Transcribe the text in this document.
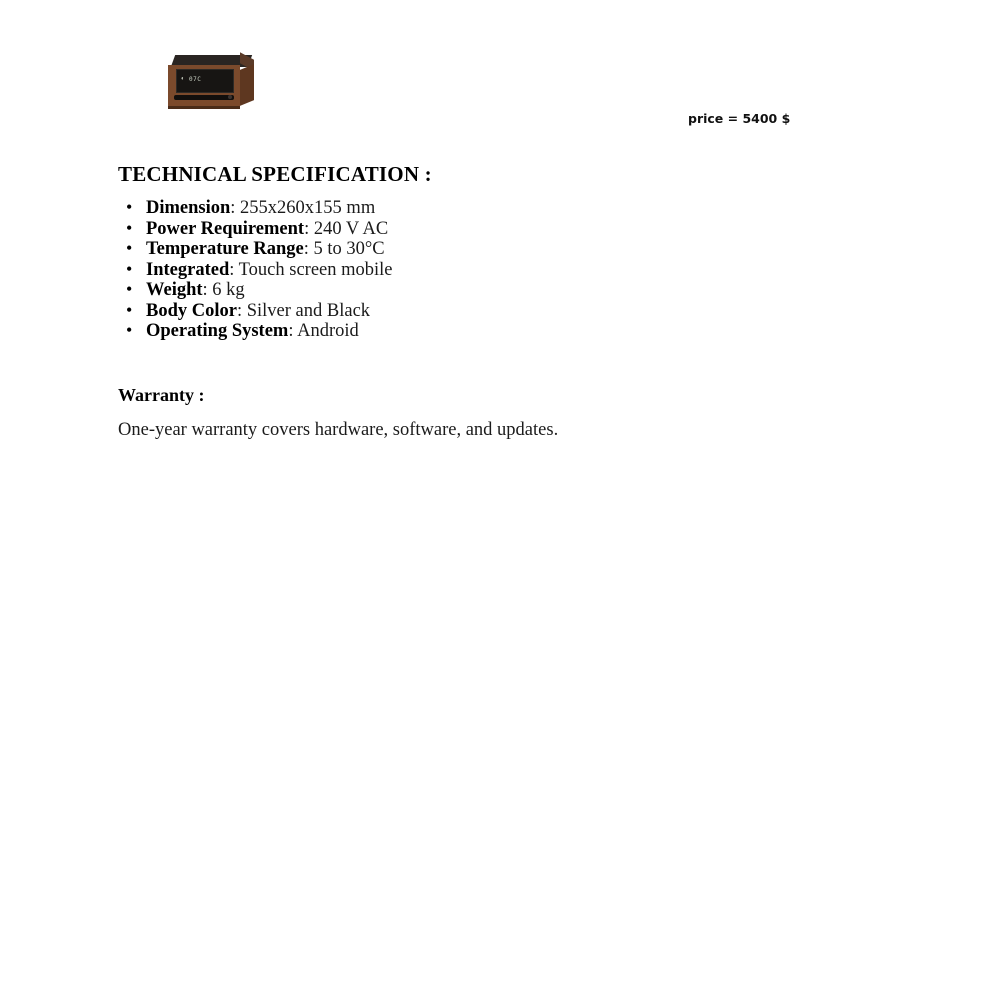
◐ 07C
price = 5400 $
TECHNICAL SPECIFICATION :
• Dimension: 255x260x155 mm
• Power Requirement: 240 V AC
• Temperature Range: 5 to 30°C
• Integrated: Touch screen mobile
• Weight: 6 kg
• Body Color: Silver and Black
• Operating System: Android
Warranty :
One-year warranty covers hardware, software, and updates.
